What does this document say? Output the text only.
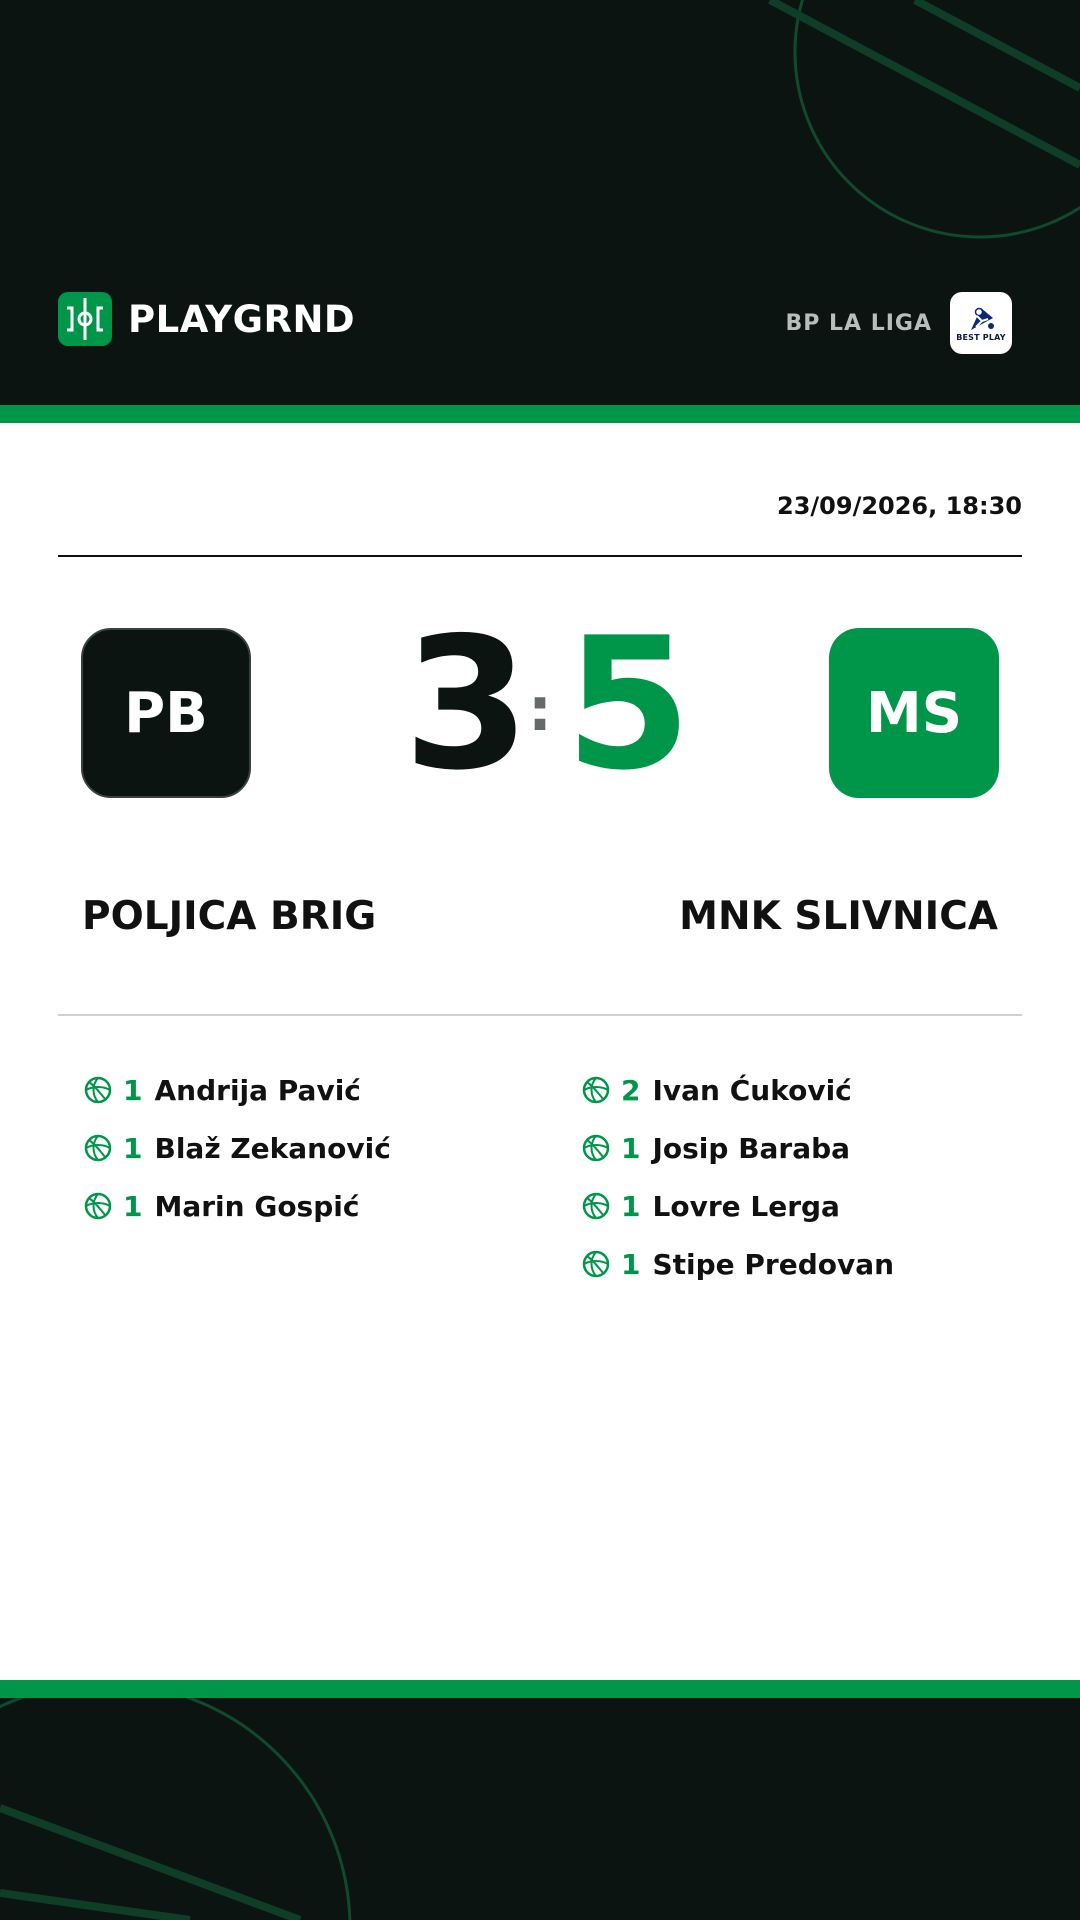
PLAYGRND	BP LA LIGA
BEST PLAY
23/09/2026, 18:30
PB 3
: 5	MS
POLJICA BRIG	MNK SLIVNICA
1 Andrija Pavić
1 Blaž Zekanović
1 Marin Gospić
2 Ivan Ćuković
1 Josip Baraba
1 Lovre Lerga
1 Stipe Predovan
